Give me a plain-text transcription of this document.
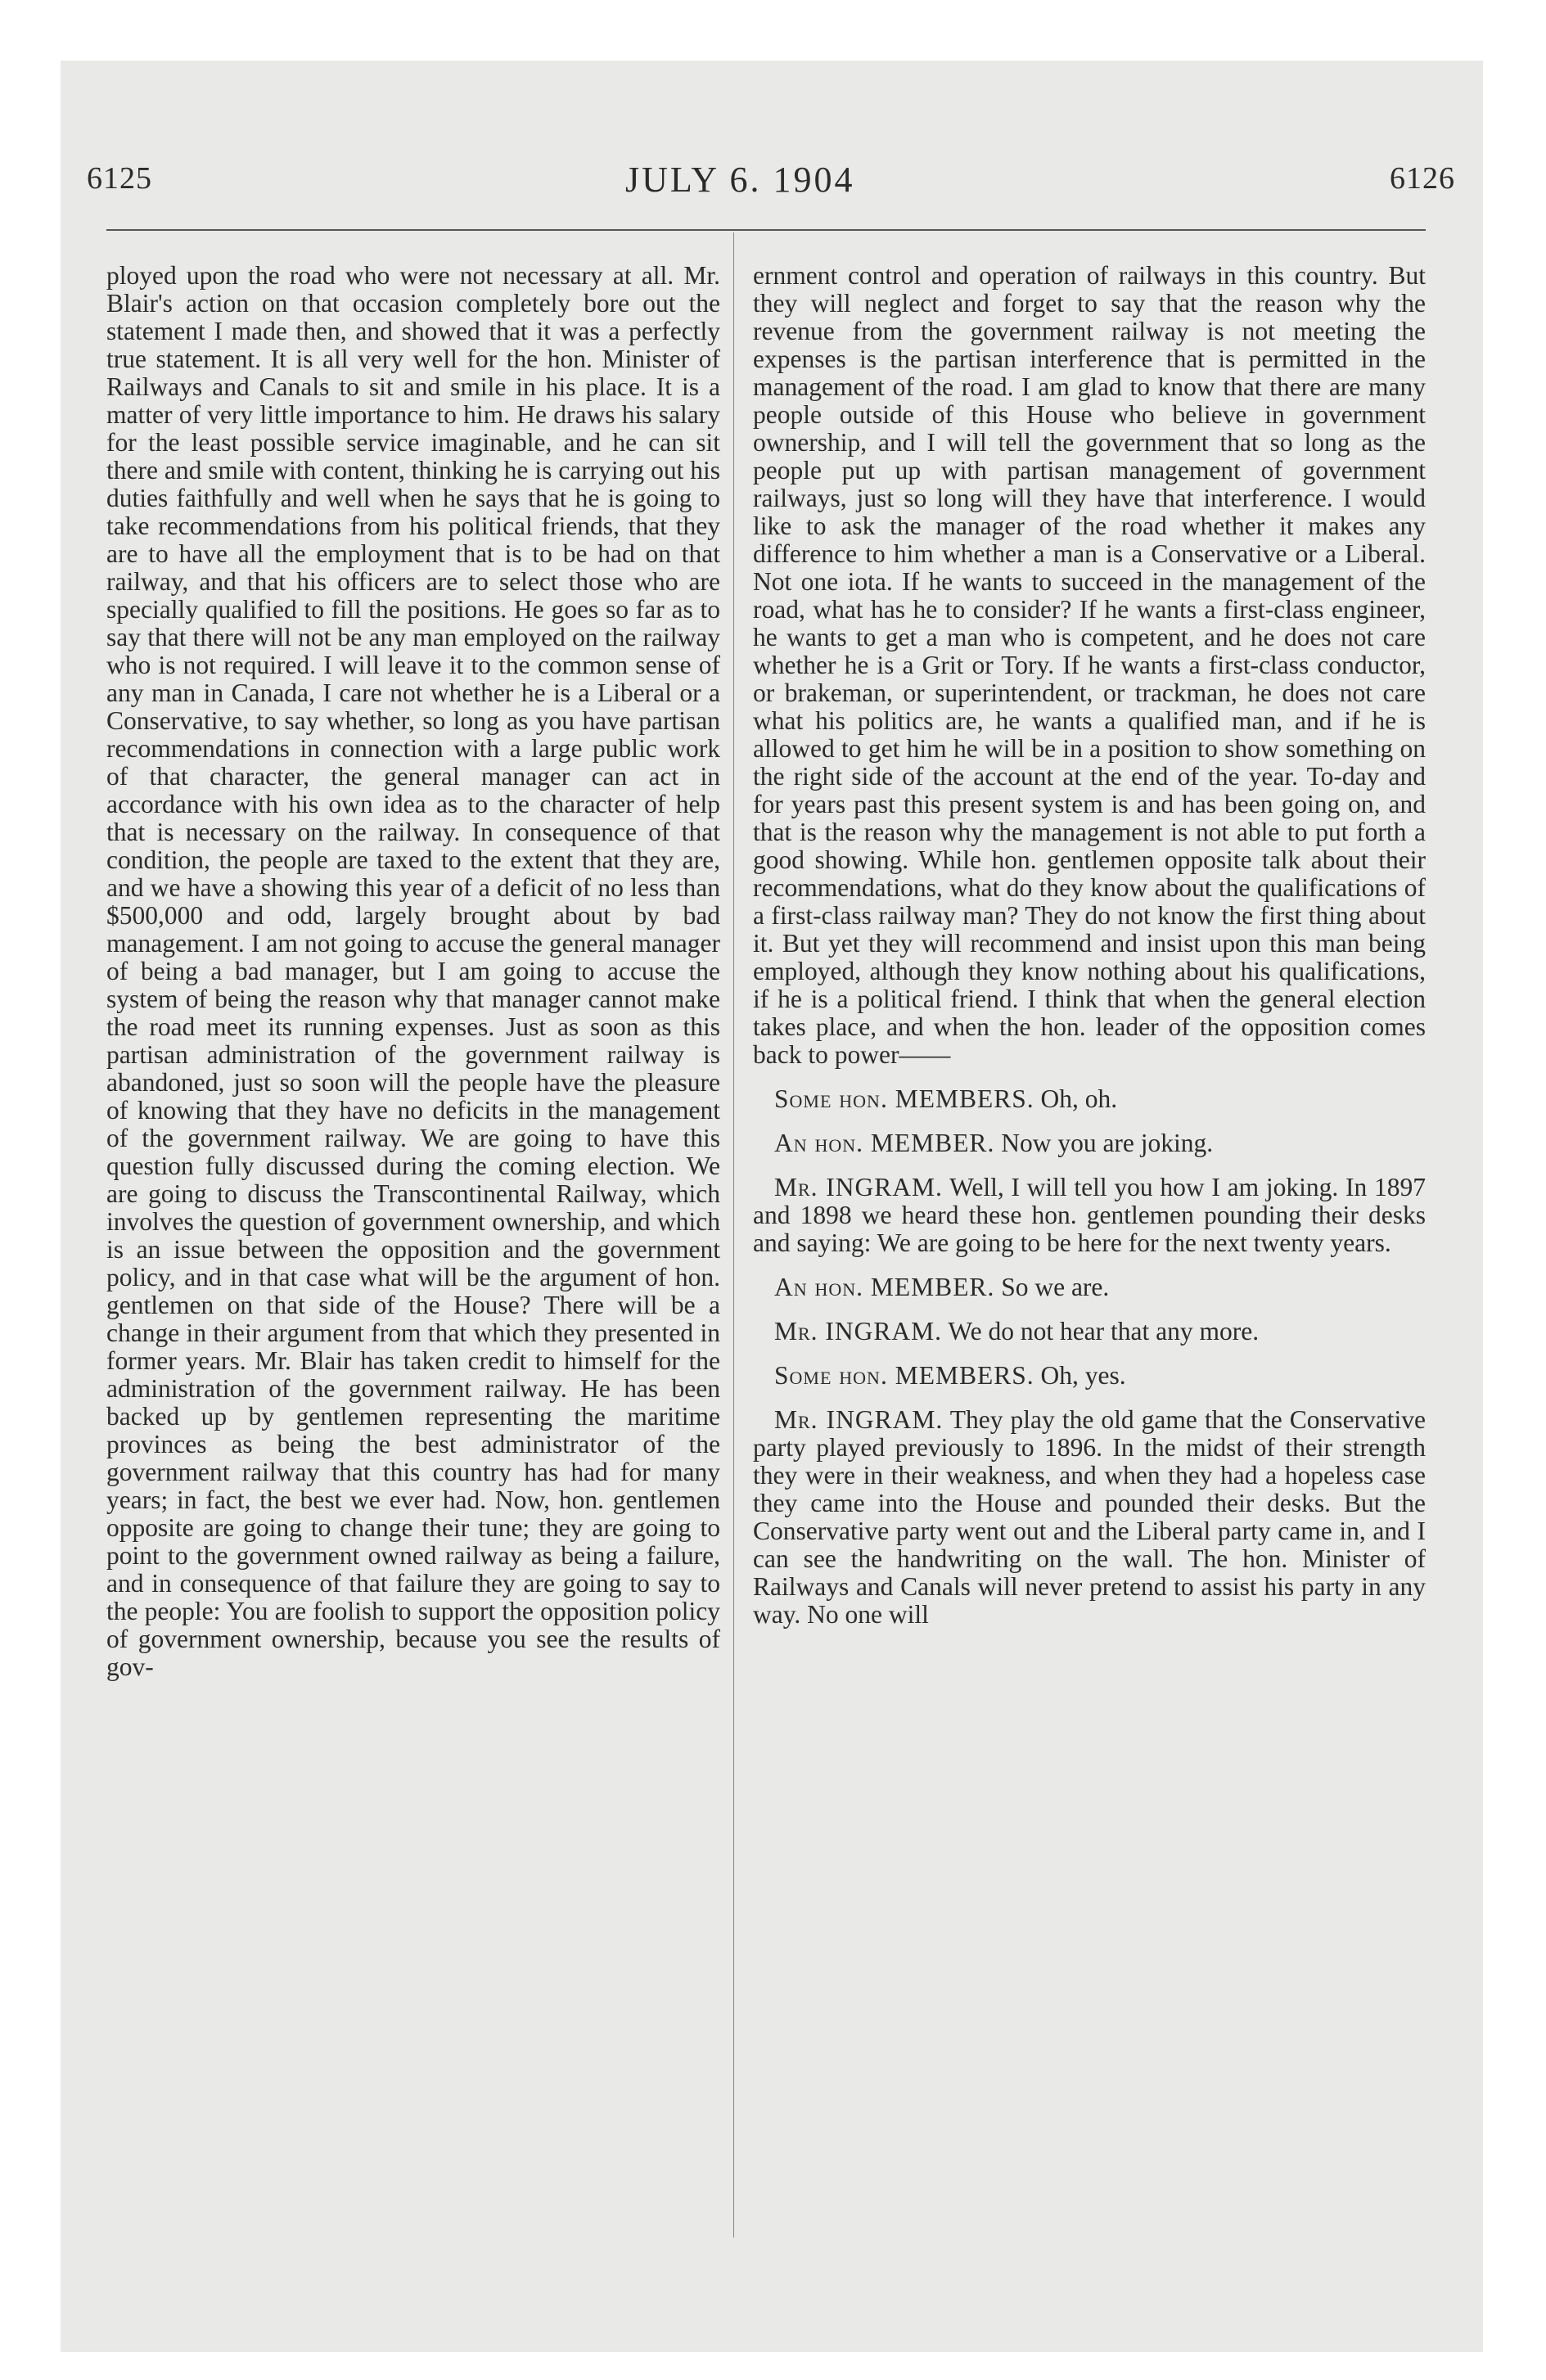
6125	JULY 6. 1904	6126

ployed upon the road who were not necessary at all. Mr. Blair's action on that occasion completely bore out the statement I made then, and showed that it was a perfectly true statement. It is all very well for the hon. Minister of Railways and Canals to sit and smile in his place. It is a matter of very little importance to him. He draws his salary for the least possible service imaginable, and he can sit there and smile with content, thinking he is carrying out his duties faithfully and well when he says that he is going to take recommendations from his political friends, that they are to have all the employment that is to be had on that railway, and that his officers are to select those who are specially qualified to fill the positions. He goes so far as to say that there will not be any man employed on the railway who is not required. I will leave it to the common sense of any man in Canada, I care not whether he is a Liberal or a Conservative, to say whether, so long as you have partisan recommendations in connection with a large public work of that character, the general manager can act in accordance with his own idea as to the character of help that is necessary on the railway. In consequence of that condition, the people are taxed to the extent that they are, and we have a showing this year of a deficit of no less than $500,000 and odd, largely brought about by bad management. I am not going to accuse the general manager of being a bad manager, but I am going to accuse the system of being the reason why that manager cannot make the road meet its running expenses. Just as soon as this partisan administration of the government railway is abandoned, just so soon will the people have the pleasure of knowing that they have no deficits in the management of the government railway. We are going to have this question fully discussed during the coming election. We are going to discuss the Transcontinental Railway, which involves the question of government ownership, and which is an issue between the opposition and the government policy, and in that case what will be the argument of hon. gentlemen on that side of the House? There will be a change in their argument from that which they presented in former years. Mr. Blair has taken credit to himself for the administration of the government railway. He has been backed up by gentlemen representing the maritime provinces as being the best administrator of the government railway that this country has had for many years; in fact, the best we ever had. Now, hon. gentlemen opposite are going to change their tune; they are going to point to the government owned railway as being a failure, and in consequence of that failure they are going to say to the people: You are foolish to support the opposition policy of government ownership, because you see the results of gov-

ernment control and operation of railways in this country. But they will neglect and forget to say that the reason why the revenue from the government railway is not meeting the expenses is the partisan interference that is permitted in the management of the road. I am glad to know that there are many people outside of this House who believe in government ownership, and I will tell the government that so long as the people put up with partisan management of government railways, just so long will they have that interference. I would like to ask the manager of the road whether it makes any difference to him whether a man is a Conservative or a Liberal. Not one iota. If he wants to succeed in the management of the road, what has he to consider? If he wants a first-class engineer, he wants to get a man who is competent, and he does not care whether he is a Grit or Tory. If he wants a first-class conductor, or brakeman, or superintendent, or trackman, he does not care what his politics are, he wants a qualified man, and if he is allowed to get him he will be in a position to show something on the right side of the account at the end of the year. To-day and for years past this present system is and has been going on, and that is the reason why the management is not able to put forth a good showing. While hon. gentlemen opposite talk about their recommendations, what do they know about the qualifications of a first-class railway man? They do not know the first thing about it. But yet they will recommend and insist upon this man being employed, although they know nothing about his qualifications, if he is a political friend. I think that when the general election takes place, and when the hon. leader of the opposition comes back to power——

Some hon. MEMBERS. Oh, oh.

An hon. MEMBER. Now you are joking.

Mr. INGRAM. Well, I will tell you how I am joking. In 1897 and 1898 we heard these hon. gentlemen pounding their desks and saying: We are going to be here for the next twenty years.

An hon. MEMBER. So we are.

Mr. INGRAM. We do not hear that any more.

Some hon. MEMBERS. Oh, yes.

Mr. INGRAM. They play the old game that the Conservative party played previously to 1896. In the midst of their strength they were in their weakness, and when they had a hopeless case they came into the House and pounded their desks. But the Conservative party went out and the Liberal party came in, and I can see the handwriting on the wall. The hon. Minister of Railways and Canals will never pretend to assist his party in any way. No one will
